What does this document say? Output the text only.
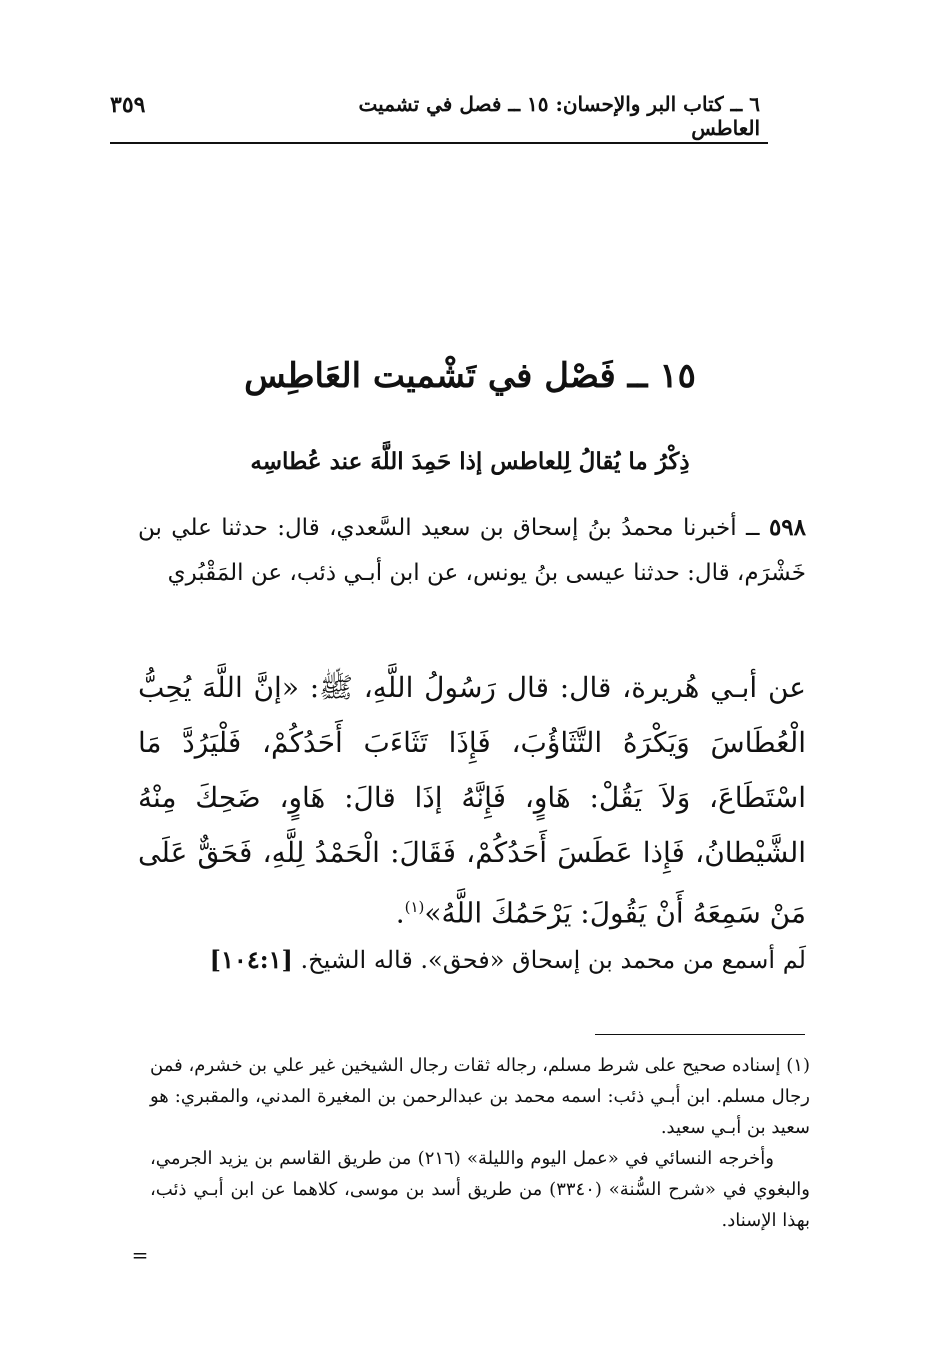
٦ ــ كتاب البر والإحسان: ١٥ ــ فصل في تشميت العاطس
٣٥٩
١٥ ــ فَصْل في تَشْميت العَاطِس
ذِكْرُ ما يُقالُ لِلعاطس إذا حَمِدَ اللَّهَ عند عُطاسِه
٥٩٨ ــ أخبرنا محمدُ بنُ إسحاق بن سعيد السَّعدي، قال: حدثنا علي بن خَشْرَم، قال: حدثنا عيسى بنُ يونس، عن ابن أبـي ذئب، عن المَقْبُري
عن أبـي هُريرة، قال: قال رَسُولُ اللَّهِ، ﷺ: «إنَّ اللَّهَ يُحِبُّ الْعُطَاسَ وَيَكْرَهُ التَّثَاؤُبَ، فَإِذَا تَثَاءَبَ أَحَدُكُمْ، فَلْيَرُدَّ مَا اسْتَطَاعَ، وَلاَ يَقُلْ: هَاوٍ، فَإِنَّهُ إذَا قالَ: هَاوٍ، ضَحِكَ مِنْهُ الشَّيْطانُ، فَإِذا عَطَسَ أَحَدُكُمْ، فَقَالَ: الْحَمْدُ لِلَّهِ، فَحَقٌّ عَلَى مَنْ سَمِعَهُ أَنْ يَقُولَ: يَرْحَمُكَ اللَّهُ»$^{(١)}$.
لَم أسمع من محمد بن إسحاق «فحق». قاله الشيخ. [١٠٤:١]

(١) إسناده صحيح على شرط مسلم، رجاله ثقات رجال الشيخين غير علي بن خشرم، فمن رجال مسلم. ابن أبـي ذئب: اسمه محمد بن عبدالرحمن بن المغيرة المدني، والمقبري: هو سعيد بن أبـي سعيد.

وأخرجه النسائي في «عمل اليوم والليلة» (٢١٦) من طريق القاسم بن يزيد الجرمي، والبغوي في «شرح السُّنة» (٣٣٤٠) من طريق أسد بن موسى، كلاهما عن ابن أبـي ذئب، بهذا الإسناد.

=
